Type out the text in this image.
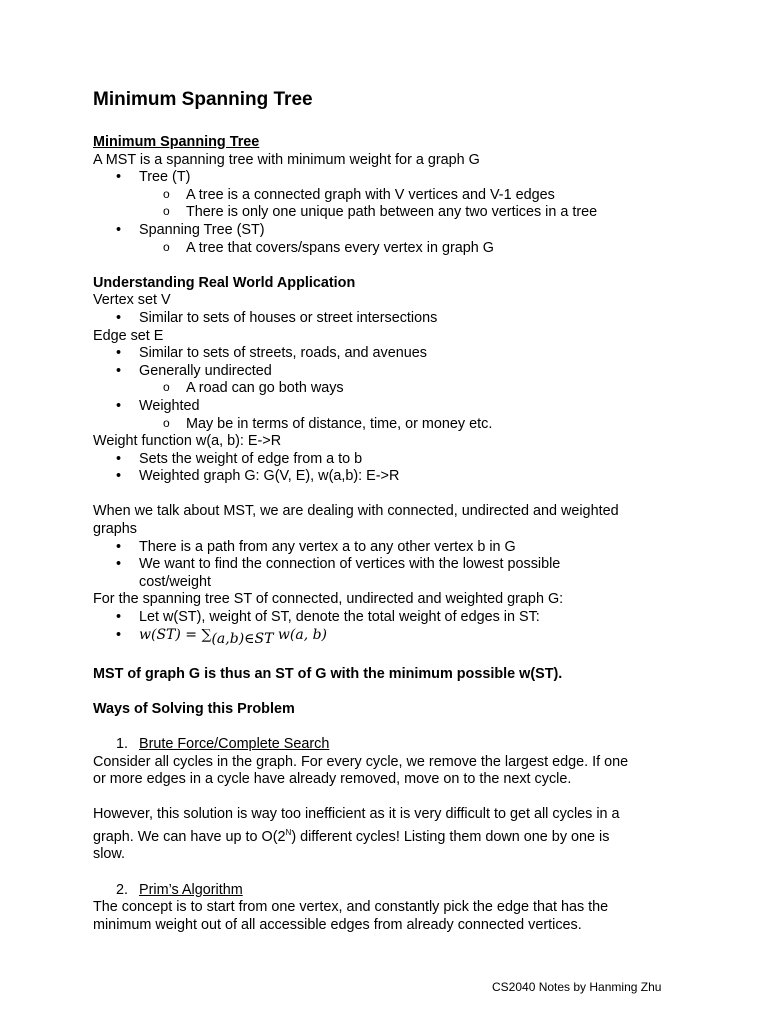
Minimum Spanning Tree

Minimum Spanning Tree

A MST is a spanning tree with minimum weight for a graph G

• Tree (T)
o A tree is a connected graph with V vertices and V-1 edges
o There is only one unique path between any two vertices in a tree
• Spanning Tree (ST)
o A tree that covers/spans every vertex in graph G

Understanding Real World Application

Vertex set V

• Similar to sets of houses or street intersections

Edge set E

• Similar to sets of streets, roads, and avenues
• Generally undirected
o A road can go both ways
• Weighted
o May be in terms of distance, time, or money etc.

Weight function w(a, b): E->R

• Sets the weight of edge from a to b
• Weighted graph G: G(V, E), w(a,b): E->R

When we talk about MST, we are dealing with connected, undirected and weighted

graphs

• There is a path from any vertex a to any other vertex b in G
• We want to find the connection of vertices with the lowest possible
cost/weight

For the spanning tree ST of connected, undirected and weighted graph G:

• Let w(ST), weight of ST, denote the total weight of edges in ST:
• $w(ST) = \sum_{(a,b)\in ST}$ w(a, b)

MST of graph G is thus an ST of G with the minimum possible w(ST).

Ways of Solving this Problem

1. Brute Force/Complete Search

Consider all cycles in the graph. For every cycle, we remove the largest edge. If one

or more edges in a cycle have already removed, move on to the next cycle.

However, this solution is way too inefficient as it is very difficult to get all cycles in a

graph. We can have up to $O(2^N)$ different cycles! Listing them down one by one is

slow.

2. Prim’s Algorithm

The concept is to start from one vertex, and constantly pick the edge that has the

minimum weight out of all accessible edges from already connected vertices.

CS2040 Notes by Hanming Zhu
